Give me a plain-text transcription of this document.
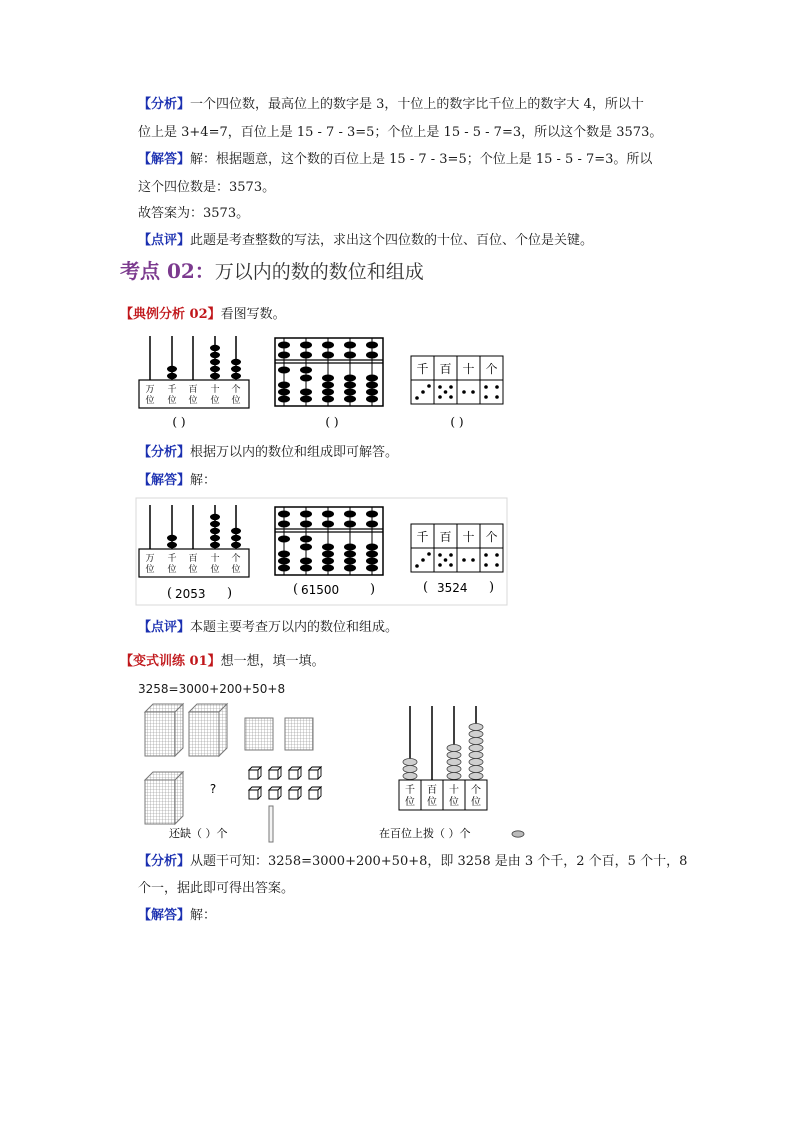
【分析】一个四位数，最高位上的数字是 3，十位上的数字比千位上的数字大 4，所以十
位上是 3+4=7，百位上是 15 - 7 - 3=5；个位上是 15 - 5 - 7=3，所以这个数是 3573。
【解答】解：根据题意，这个数的百位上是 15 - 7 - 3=5；个位上是 15 - 5 - 7=3。所以
这个四位数是：3573。
故答案为：3573。
【点评】此题是考查整数的写法，求出这个四位数的十位、百位、个位是关键。
考点 02：万以内的数的数位和组成
【典例分析 02】看图写数。
万
位
千
位
百
位
十
位
个
位
千 百 十 个
( )	( )	( )
【分析】根据万以内的数位和组成即可解答。
【解答】解：
万
位
千
位
百
位
十
位
个
位
千 百 十 个
( 2053 )	( 61500 )	( 3524 )
【点评】本题主要考查万以内的数位和组成。
【变式训练 01】想一想，填一填。
3258=3000+200+50+8
?
还缺（ ）个
千
位
百
位
十
位
个
位
在百位上拨（ ）个
【分析】从题干可知：3258=3000+200+50+8，即 3258 是由 3 个千，2 个百，5 个十，8
个一，据此即可得出答案。
【解答】解：
